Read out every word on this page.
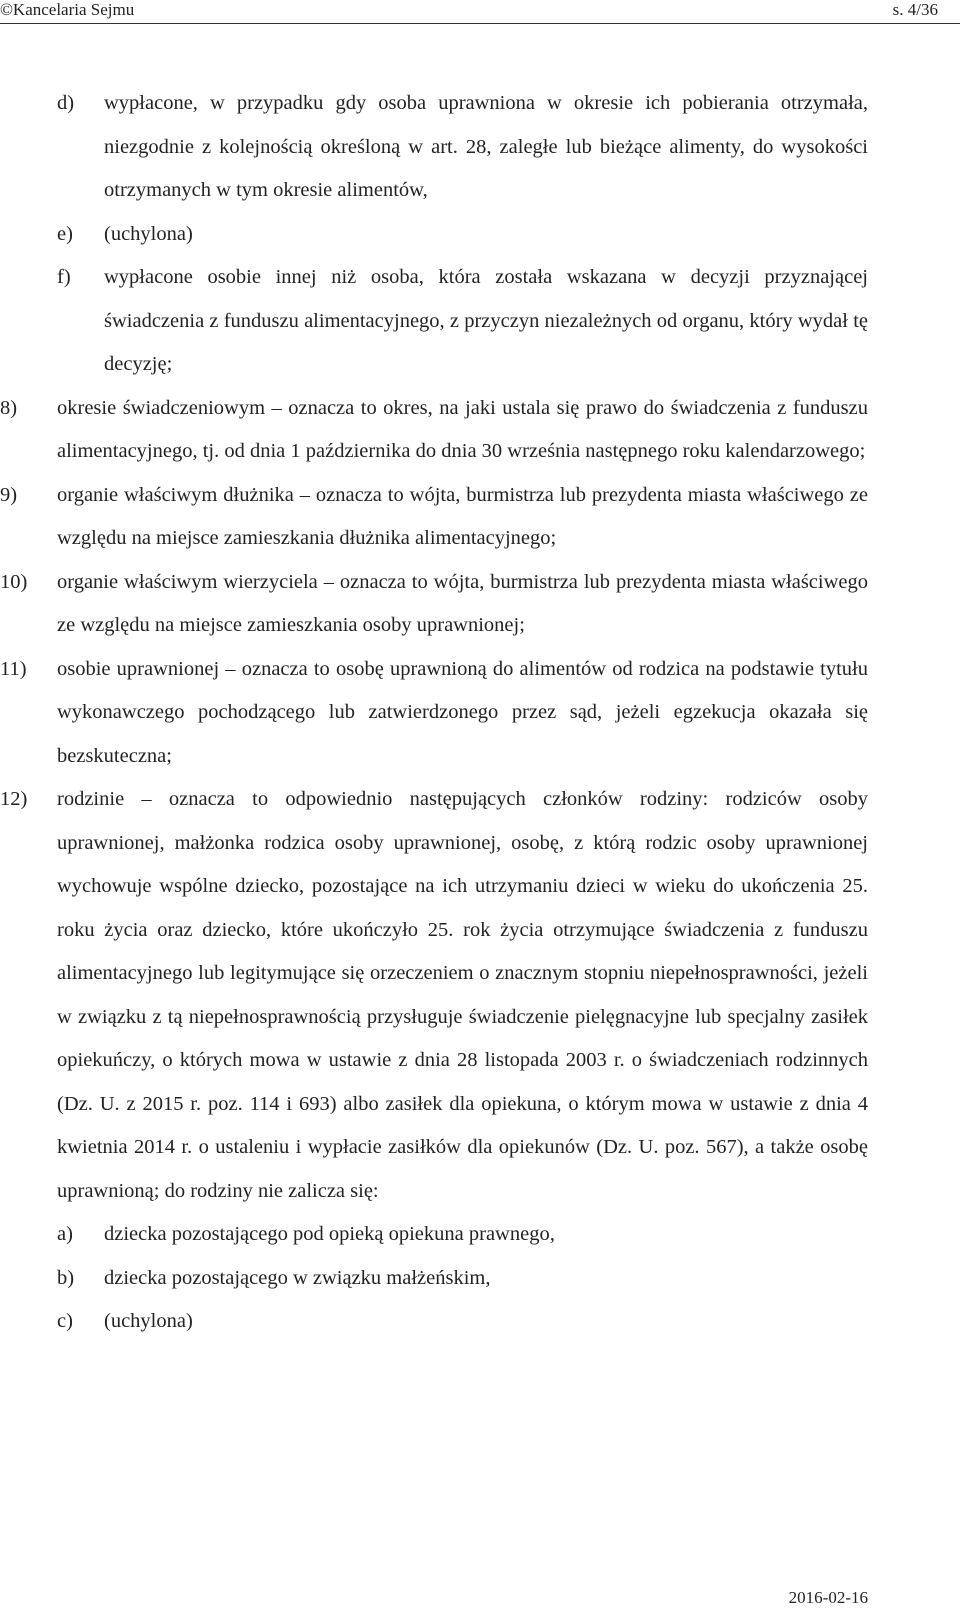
©Kancelaria Sejmu	s. 4/36
d) wypłacone, w przypadku gdy osoba uprawniona w okresie ich pobierania otrzymała, niezgodnie z kolejnością określoną w art. 28, zaległe lub bieżące alimenty, do wysokości otrzymanych w tym okresie alimentów,
e) (uchylona)
f) wypłacone osobie innej niż osoba, która została wskazana w decyzji przyznającej świadczenia z funduszu alimentacyjnego, z przyczyn niezależnych od organu, który wydał tę decyzję;
8) okresie świadczeniowym – oznacza to okres, na jaki ustala się prawo do świadczenia z funduszu alimentacyjnego, tj. od dnia 1 października do dnia 30 września następnego roku kalendarzowego;
9) organie właściwym dłużnika – oznacza to wójta, burmistrza lub prezydenta miasta właściwego ze względu na miejsce zamieszkania dłużnika alimentacyjnego;
10) organie właściwym wierzyciela – oznacza to wójta, burmistrza lub prezydenta miasta właściwego ze względu na miejsce zamieszkania osoby uprawnionej;
11) osobie uprawnionej – oznacza to osobę uprawnioną do alimentów od rodzica na podstawie tytułu wykonawczego pochodzącego lub zatwierdzonego przez sąd, jeżeli egzekucja okazała się bezskuteczna;
12) rodzinie – oznacza to odpowiednio następujących członków rodziny: rodziców osoby uprawnionej, małżonka rodzica osoby uprawnionej, osobę, z którą rodzic osoby uprawnionej wychowuje wspólne dziecko, pozostające na ich utrzymaniu dzieci w wieku do ukończenia 25. roku życia oraz dziecko, które ukończyło 25. rok życia otrzymujące świadczenia z funduszu alimentacyjnego lub legitymujące się orzeczeniem o znacznym stopniu niepełnosprawności, jeżeli w związku z tą niepełnosprawnością przysługuje świadczenie pielęgnacyjne lub specjalny zasiłek opiekuńczy, o których mowa w ustawie z dnia 28 listopada 2003 r. o świadczeniach rodzinnych (Dz. U. z 2015 r. poz. 114 i 693) albo zasiłek dla opiekuna, o którym mowa w ustawie z dnia 4 kwietnia 2014 r. o ustaleniu i wypłacie zasiłków dla opiekunów (Dz. U. poz. 567), a także osobę uprawnioną; do rodziny nie zalicza się:
a) dziecka pozostającego pod opieką opiekuna prawnego,
b) dziecka pozostającego w związku małżeńskim,
c) (uchylona)
2016-02-16
